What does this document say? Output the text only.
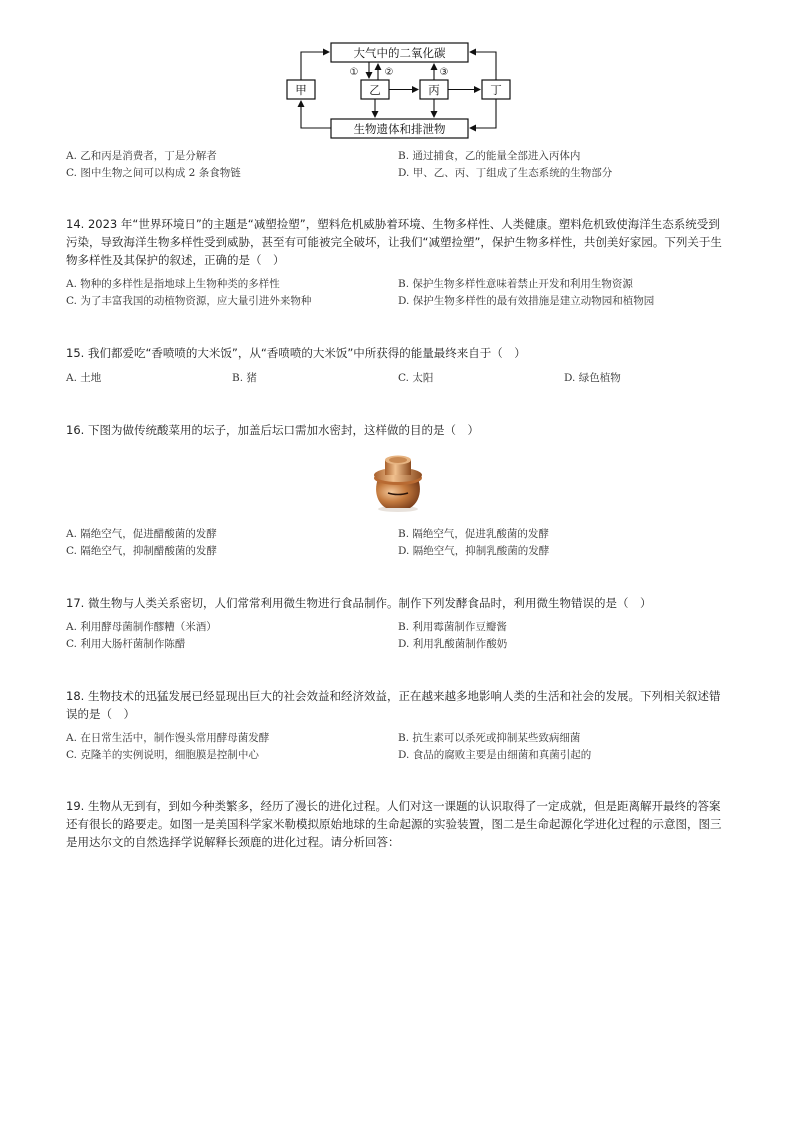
大气中的二氧化碳
生物遗体和排泄物
甲	乙	丙	丁
①	②	③
A. 乙和丙是消费者，丁是分解者	B. 通过捕食，乙的能量全部进入丙体内
C. 图中生物之间可以构成 2 条食物链	D. 甲、乙、丙、丁组成了生态系统的生物部分
14. 2023 年“世界环境日”的主题是“减塑捡塑”，塑料危机威胁着环境、生物多样性、人类健康。塑料危机致使海洋生态系统受到污染，导致海洋生物多样性受到威胁，甚至有可能被完全破坏，让我们“减塑捡塑”，保护生物多样性，共创美好家园。下列关于生物多样性及其保护的叙述，正确的是（　）
A. 物种的多样性是指地球上生物种类的多样性	B. 保护生物多样性意味着禁止开发和利用生物资源
C. 为了丰富我国的动植物资源，应大量引进外来物种	D. 保护生物多样性的最有效措施是建立动物园和植物园
15. 我们都爱吃“香喷喷的大米饭”，从“香喷喷的大米饭”中所获得的能量最终来自于（　）
A. 土地	B. 猪	C. 太阳	D. 绿色植物
16. 下图为做传统酸菜用的坛子，加盖后坛口需加水密封，这样做的目的是（　）
A. 隔绝空气，促进醋酸菌的发酵	B. 隔绝空气，促进乳酸菌的发酵
C. 隔绝空气，抑制醋酸菌的发酵	D. 隔绝空气，抑制乳酸菌的发酵
17. 微生物与人类关系密切，人们常常利用微生物进行食品制作。制作下列发酵食品时，利用微生物错误的是（　）
A. 利用酵母菌制作醪糟（米酒）	B. 利用霉菌制作豆瓣酱
C. 利用大肠杆菌制作陈醋	D. 利用乳酸菌制作酸奶
18. 生物技术的迅猛发展已经显现出巨大的社会效益和经济效益，正在越来越多地影响人类的生活和社会的发展。下列相关叙述错误的是（　）
A. 在日常生活中，制作馒头常用酵母菌发酵	B. 抗生素可以杀死或抑制某些致病细菌
C. 克隆羊的实例说明，细胞膜是控制中心	D. 食品的腐败主要是由细菌和真菌引起的
19. 生物从无到有，到如今种类繁多，经历了漫长的进化过程。人们对这一课题的认识取得了一定成就，但是距离解开最终的答案还有很长的路要走。如图一是美国科学家米勒模拟原始地球的生命起源的实验装置，图二是生命起源化学进化过程的示意图，图三是用达尔文的自然选择学说解释长颈鹿的进化过程。请分析回答：
